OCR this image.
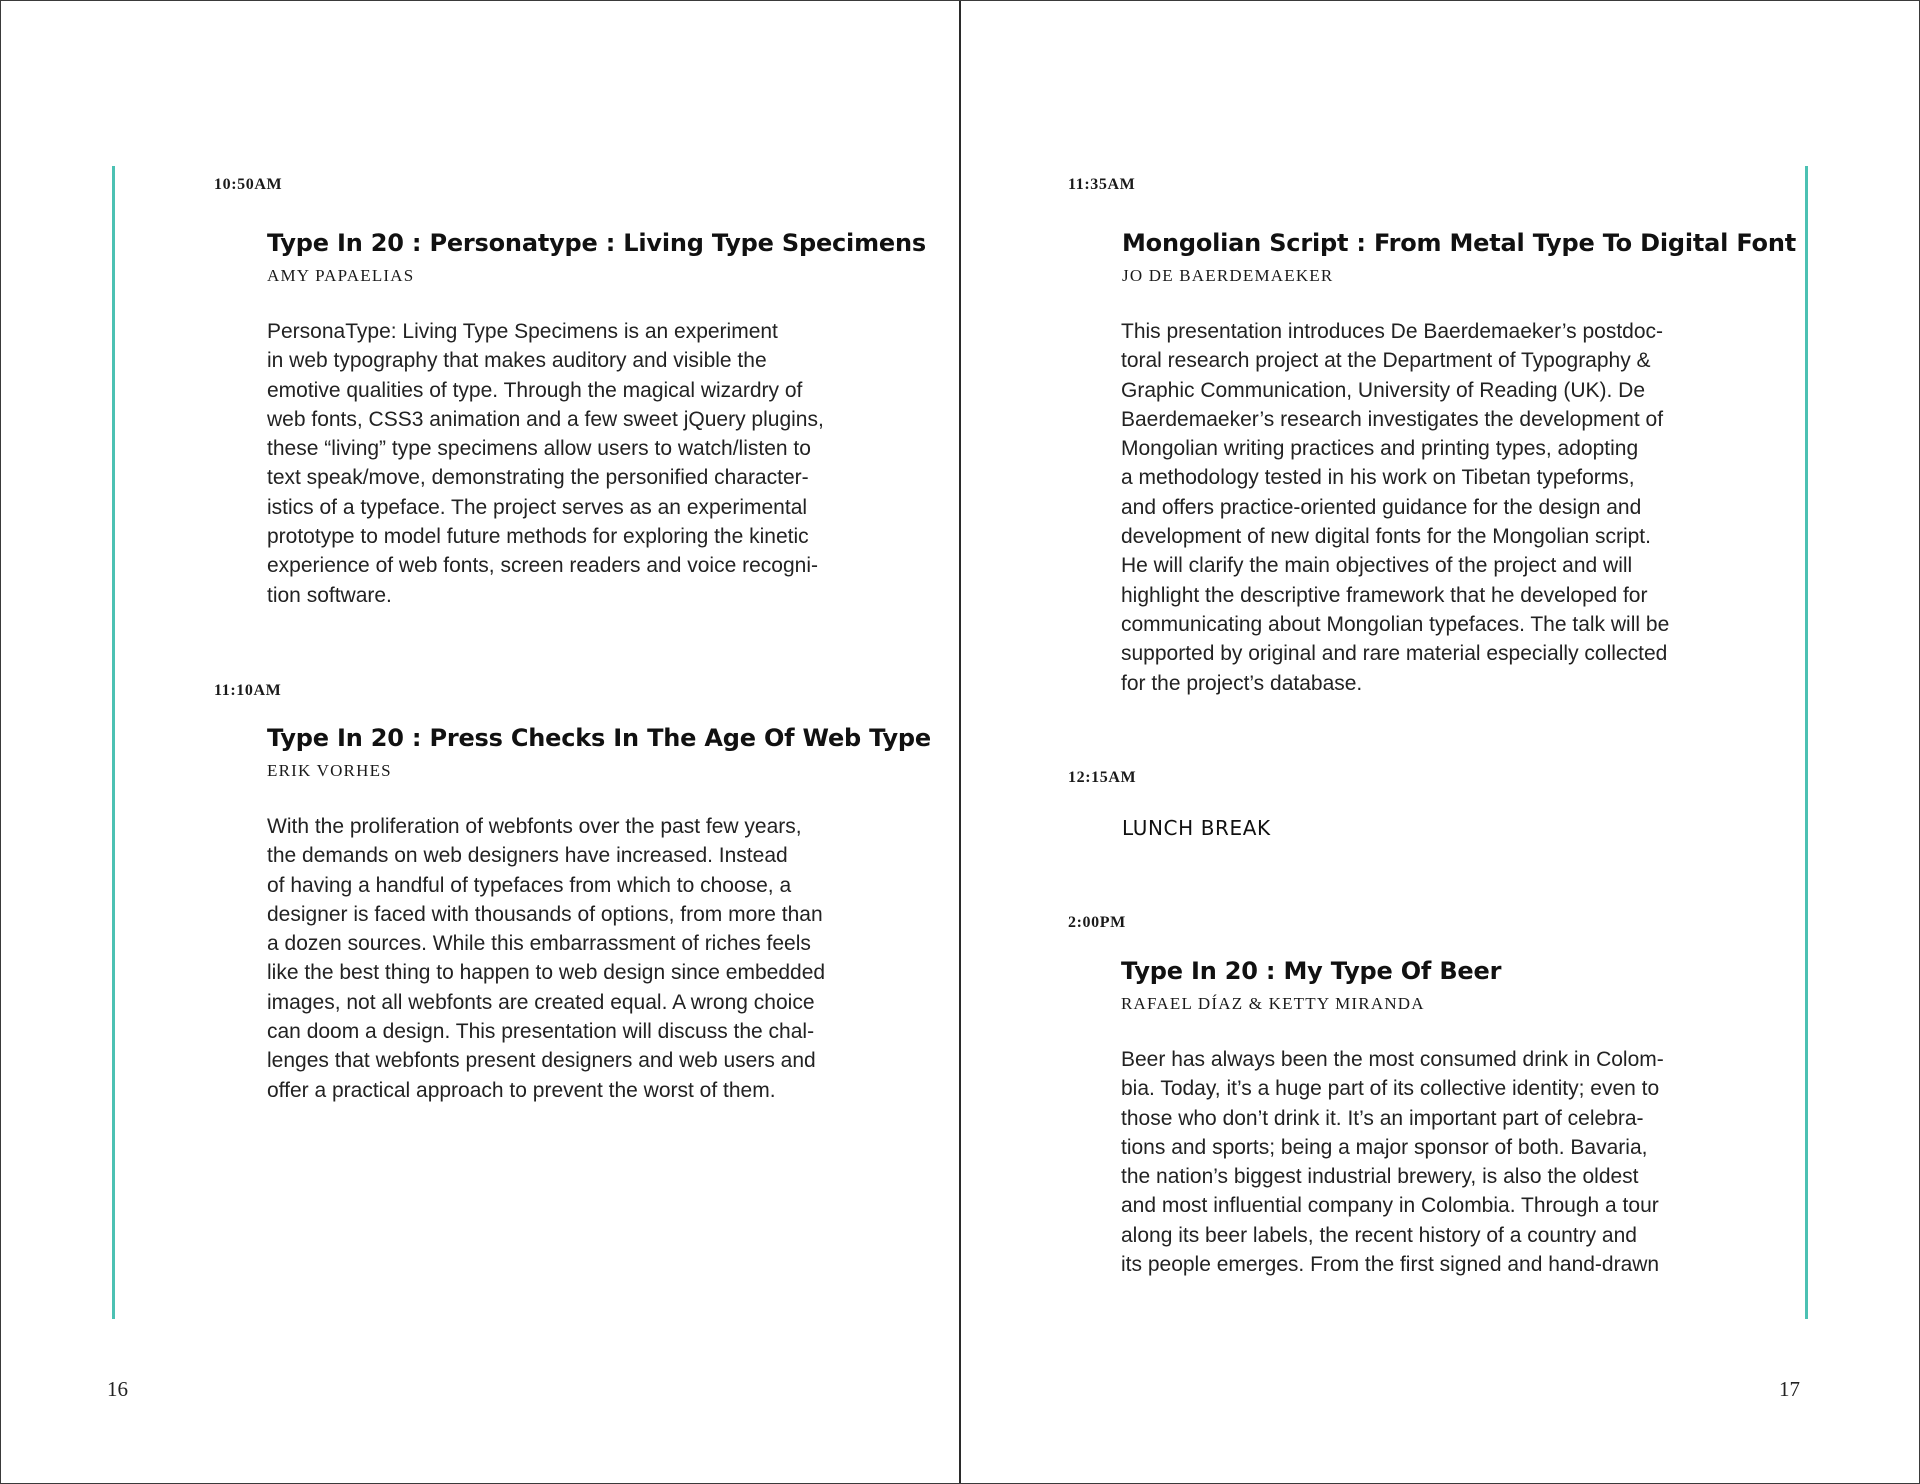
10:50AM

Type In 20 : Personatype : Living Type Specimens

AMY PAPAELIAS

PersonaType: Living Type Specimens is an experiment
in web typography that makes auditory and visible the
emotive qualities of type. Through the magical wizardry of
web fonts, CSS3 animation and a few sweet jQuery plugins,
these “living” type specimens allow users to watch/listen to
text speak/move, demonstrating the personified character-
istics of a typeface. The project serves as an experimental
prototype to model future methods for exploring the kinetic
experience of web fonts, screen readers and voice recogni-
tion software.

11:10AM

Type In 20 : Press Checks In The Age Of Web Type

ERIK VORHES

With the proliferation of webfonts over the past few years,
the demands on web designers have increased. Instead
of having a handful of typefaces from which to choose, a
designer is faced with thousands of options, from more than
a dozen sources. While this embarrassment of riches feels
like the best thing to happen to web design since embedded
images, not all webfonts are created equal. A wrong choice
can doom a design. This presentation will discuss the chal-
lenges that webfonts present designers and web users and
offer a practical approach to prevent the worst of them.

16

11:35AM

Mongolian Script : From Metal Type To Digital Font

JO DE BAERDEMAEKER

This presentation introduces De Baerdemaeker’s postdoc-
toral research project at the Department of Typography &
Graphic Communication, University of Reading (UK). De
Baerdemaeker’s research investigates the development of
Mongolian writing practices and printing types, adopting
a methodology tested in his work on Tibetan typeforms,
and offers practice-oriented guidance for the design and
development of new digital fonts for the Mongolian script.
He will clarify the main objectives of the project and will
highlight the descriptive framework that he developed for
communicating about Mongolian typefaces. The talk will be
supported by original and rare material especially collected
for the project’s database.

12:15AM

LUNCH BREAK

2:00PM

Type In 20 : My Type Of Beer

RAFAEL DÍAZ & KETTY MIRANDA

Beer has always been the most consumed drink in Colom-
bia. Today, it’s a huge part of its collective identity; even to
those who don’t drink it. It’s an important part of celebra-
tions and sports; being a major sponsor of both. Bavaria,
the nation’s biggest industrial brewery, is also the oldest
and most influential company in Colombia. Through a tour
along its beer labels, the recent history of a country and
its people emerges. From the first signed and hand-drawn

17
